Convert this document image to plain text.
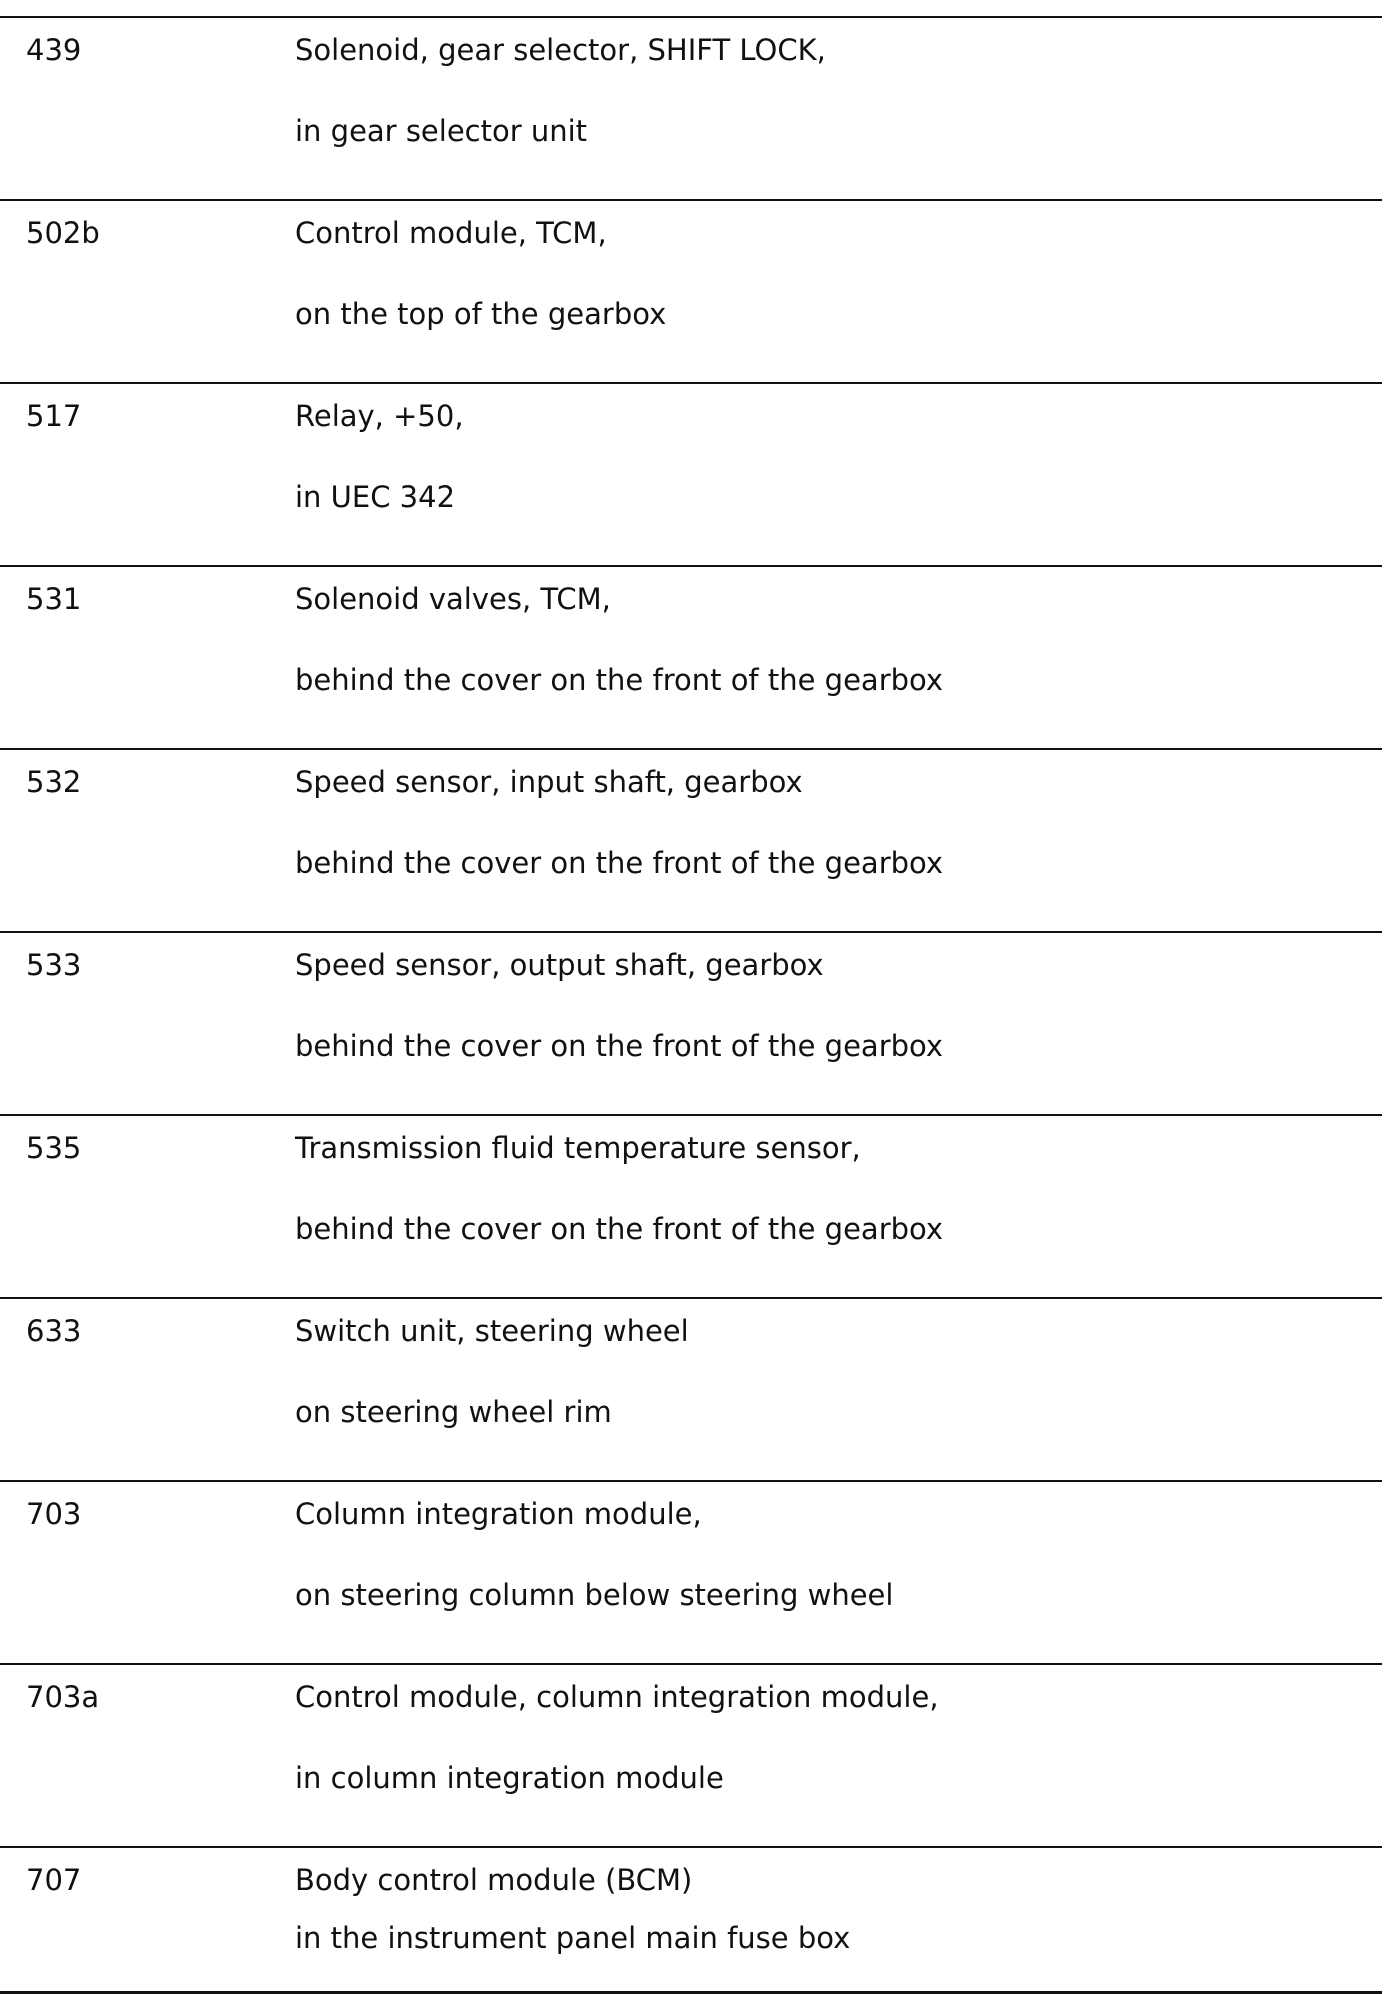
439	Solenoid, gear selector, SHIFT LOCK,
in gear selector unit
502b	Control module, TCM,
on the top of the gearbox
517	Relay, +50,
in UEC 342
531	Solenoid valves, TCM,
behind the cover on the front of the gearbox
532	Speed sensor, input shaft, gearbox
behind the cover on the front of the gearbox
533	Speed sensor, output shaft, gearbox
behind the cover on the front of the gearbox
535	Transmission fluid temperature sensor,
behind the cover on the front of the gearbox
633	Switch unit, steering wheel
on steering wheel rim
703	Column integration module,
on steering column below steering wheel
703a	Control module, column integration module,
in column integration module
707	Body control module (BCM)
in the instrument panel main fuse box
